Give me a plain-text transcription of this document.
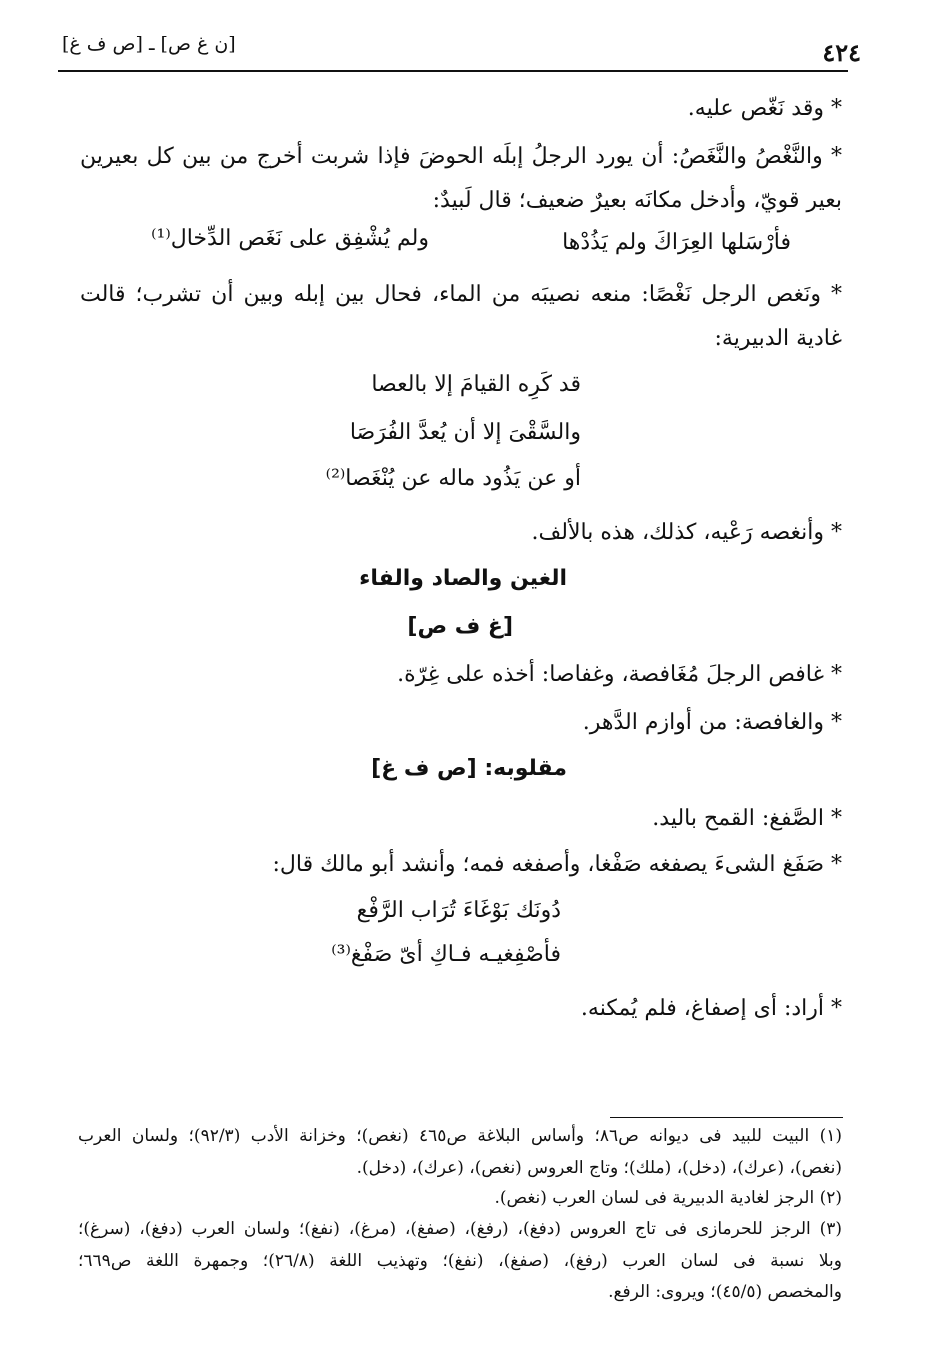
[ن غ ص] ـ [ص ف غ]	٤٢٤
* وقد نَغّص عليه.
* والنَّغْصُ والنَّغَصُ: أن يورد الرجلُ إبلَه الحوضَ فإذا شربت أخرج من بين كل بعيرين
بعير قويّ، وأدخل مكانَه بعيرٌ ضعيف؛ قال لَبيدٌ:
فأرْسَلها العِرَاكَ ولم يَذُدْها
ولم يُشْفِق على نَغَص الدِّخال⁽¹⁾
* ونَغص الرجل نَغْصًا: منعه نصيبَه من الماء، فحال بين إبله وبين أن تشرب؛ قالت
غادية الدبيرية:
قد كَرِه القيامَ إلا بالعصا
والسَّقْىَ إلا أن يُعدَّ الفُرَصَا
أو عن يَذُود ماله عن يُنْغَصا⁽²⁾
* وأنغصه رَعْيه، كذلك، هذه بالألف.
الغين والصاد والفاء
[غ ف ص]
* غافص الرجلَ مُغَافصة، وغفاصا: أخذه على غِرّة.
* والغافصة: من أوازم الدَّهر.
مقلوبه: [ص ف غ]
* الصَّفغ: القمح باليد.
* صَفَغ الشىءَ يصفغه صَفْغا، وأصفغه فمه؛ وأنشد أبو مالك قال:
دُونَك بَوْغَاءَ تُرَاب الرَّفْع
فأصْفِغيـه فـاكِ أىّ صَفْغ⁽³⁾
* أراد: أى إصفاغ، فلم يُمكنه.
(١) البيت للبيد فى ديوانه ص٨٦؛ وأساس البلاغة ص٤٦٥ (نغص)؛ وخزانة الأدب (٩٢/٣)؛ ولسان العرب
(نغص)، (عرك)، (دخل)، (ملك)؛ وتاج العروس (نغص)، (عرك)، (دخل).
(٢) الرجز لغادية الدبيرية فى لسان العرب (نغص).
(٣) الرجز للحرمازى فى تاج العروس (دفغ)، (رفغ)، (صفغ)، (مرغ)، (نفغ)؛ ولسان العرب (دفغ)، (سرغ)؛
وبلا نسبة فى لسان العرب (رفغ)، (صفغ)، (نفغ)؛ وتهذيب اللغة (٢٦/٨)؛ وجمهرة اللغة ص٦٦٩؛
والمخصص (٤٥/٥)؛ ويروى: الرفع.
